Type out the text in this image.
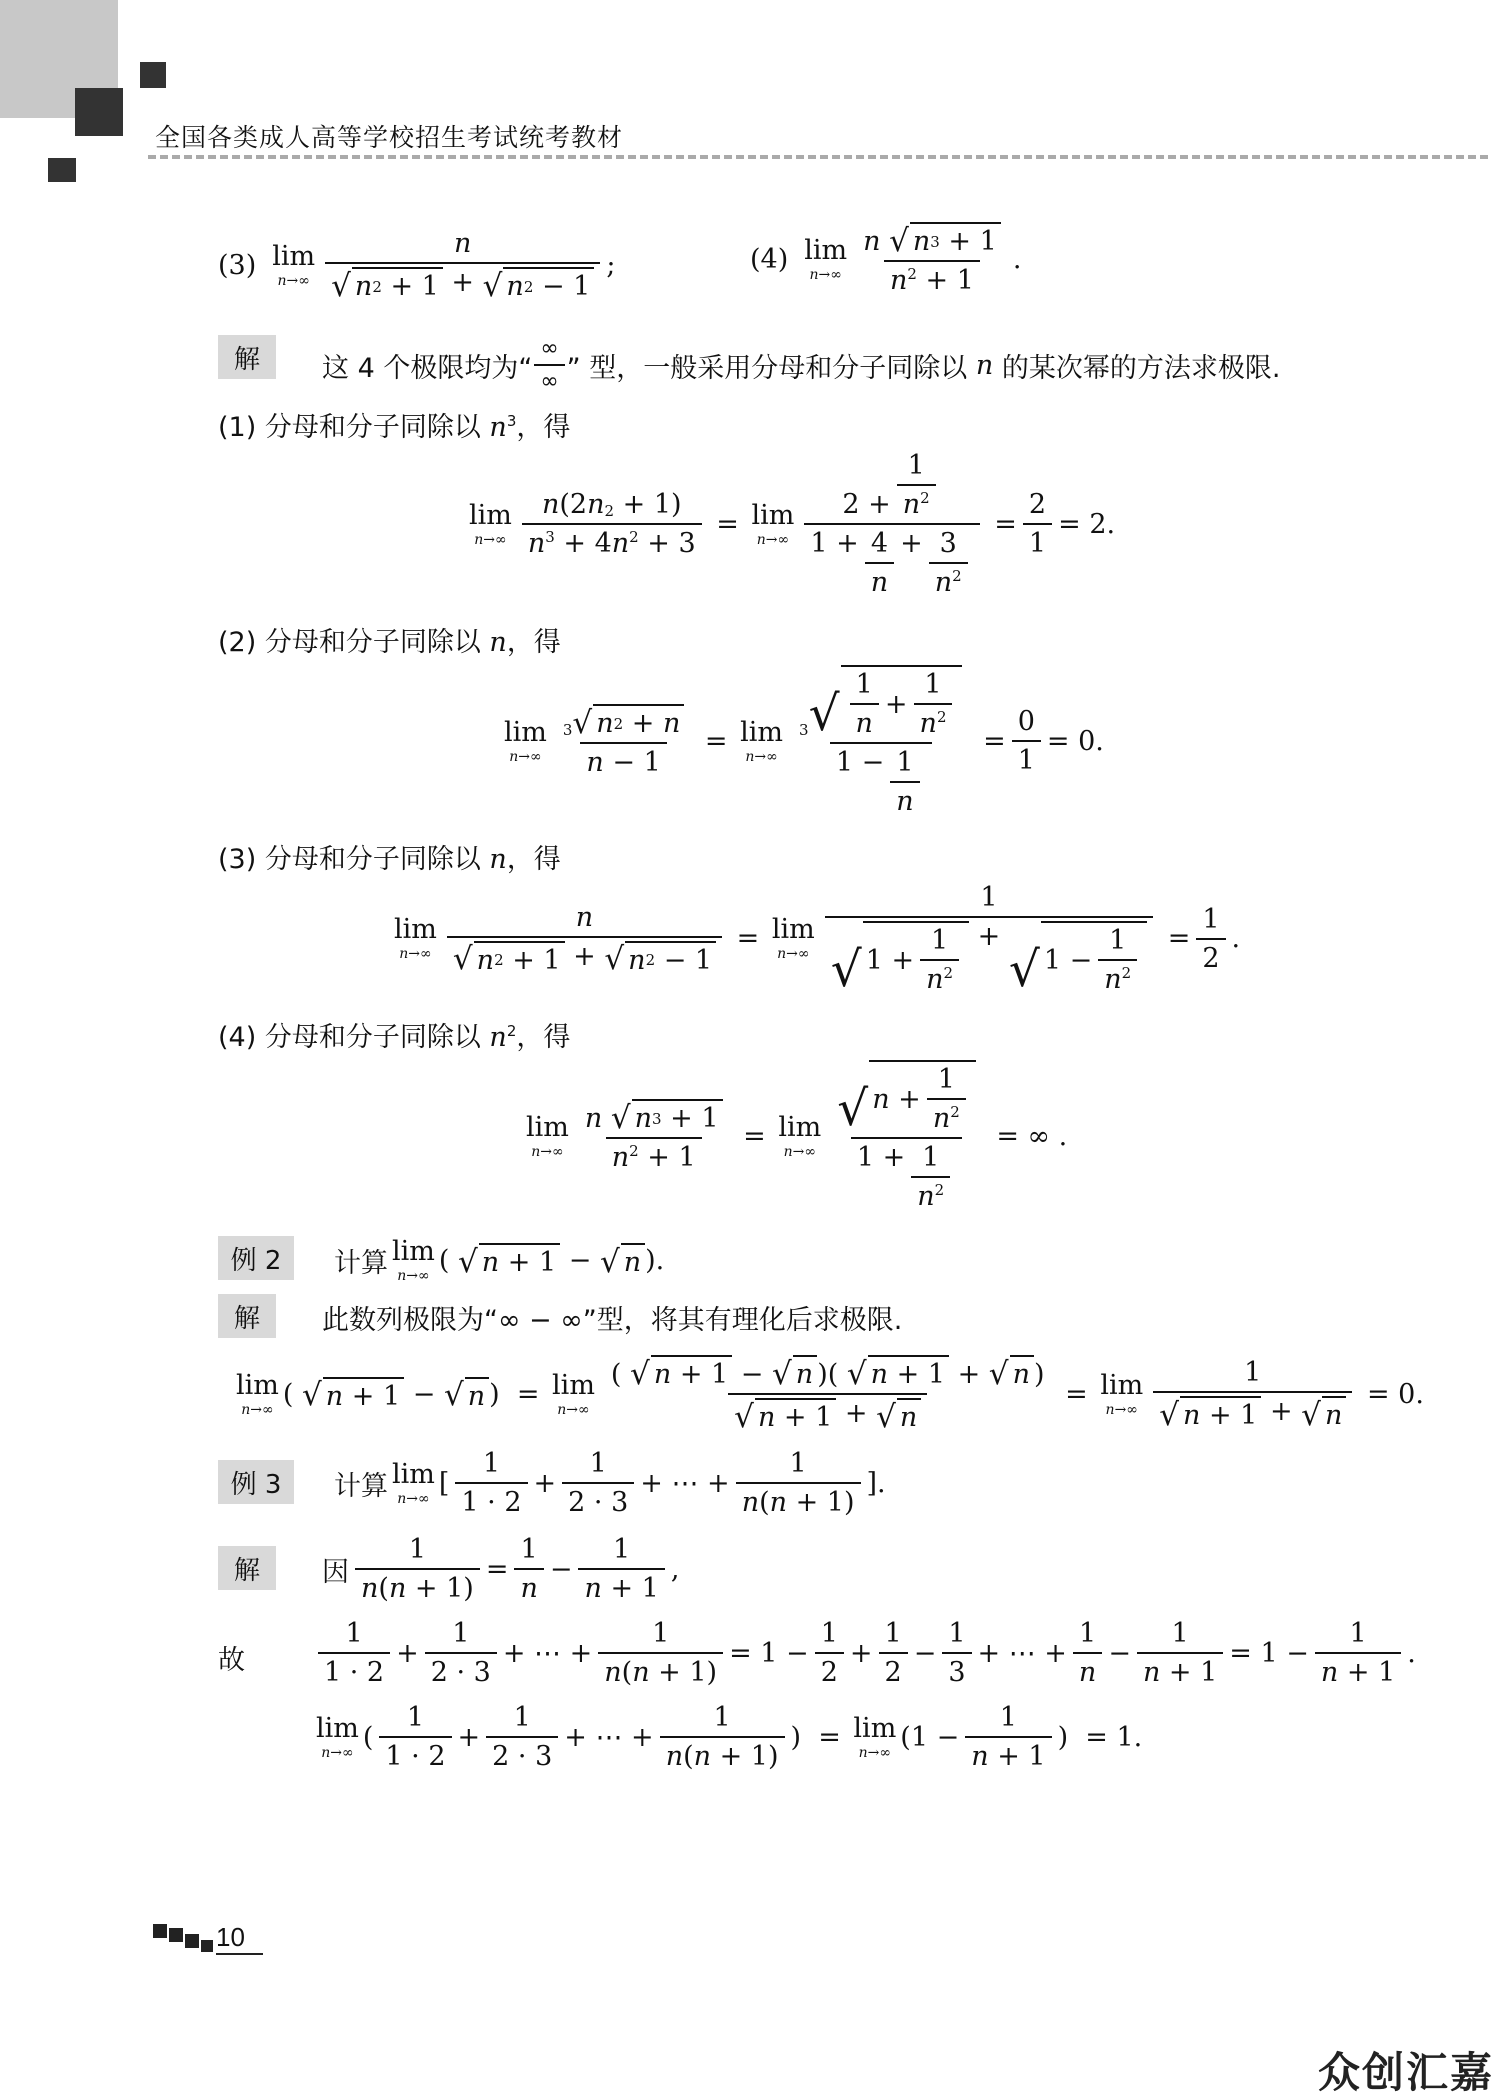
全国各类成人高等学校招生考试统考教材
(3) lim
$n\to\infty \frac{n}{√ n 2 + 1 + √ n 2 - 1}$ ;	(4) lim
n→∞ n
√ n 3 + 1
$n^2 + 1$ .
解	这 4 个极限均为“ $\frac{\infty}{\infty}$ ” 型，一般采用分母和分子同除以
n
的某次幂的方法求极限.
(1) 分母和分子同除以 $n^3$，得
lim
$n\to\infty \frac{n (2 n_2 + 1)}{n^3 + 4 n^2 + 3} = \lim$
$n\to\infty \frac{2 + \frac{1}{n^2}}{1 + \frac{4}{n} + \frac{3}{n^2}} = \frac{2}{1} = 2$.
(2) 分母和分子同除以 n，得
lim
$n\to\infty \frac{3 √ n 2 + n}{n - 1} = \lim$
$n\to\infty \frac{3 √ \frac{1}{n} + \frac{1}{n^2}}{1 - \frac{1}{n}} = \frac{0}{1} = 0$.
(3) 分母和分子同除以 n，得
lim
$n\to\infty \frac{n}{√ n 2 + 1 + √ n 2 - 1} = \lim$
n→∞ 1
√ $1 + \frac{1}{n^2}$ +
√ $1 - \frac{1}{n^2} = \frac{1}{2}$ .
(4) 分母和分子同除以 $n^2$，得
lim
n→∞ n
√ n 3 + 1
$n^2 + 1 = \lim$
$n\to\infty \frac{√ n + \frac{1}{n^2}}{1 + \frac{1}{n^2}}$
= ∞ .
例 2	计算 lim
n→∞ ( √ n + 1 − √ n ).
解	此数列极限为“∞ − ∞”型，将其有理化后求极限.
lim
n→∞ ( √ n + 1 − √ n )  = lim
$n\to\infty \frac{( √ n + 1 - √ n )( √ n + 1 + √ n )}{√ n + 1 + √ n} = \lim$
$n\to\infty \frac{1}{√ n + 1 + √ n}$
= 0.
例 3	计算 lim
n→∞ [ $\frac{1}{1 \cdot 2} + \frac{1}{2 \cdot 3}$ + ⋯ + $\frac{1}{n ( n + 1)}$ ].
解	因 $\frac{1}{n ( n + 1)} = \frac{1}{n} - \frac{1}{n + 1}$ ,
故	$\frac{1}{1 \cdot 2} + \frac{1}{2 \cdot 3}$ + ⋯ + $\frac{1}{n ( n + 1)} = 1 - \frac{1}{2} + \frac{1}{2} - \frac{1}{3}$ + ⋯ + $\frac{1}{n} - \frac{1}{n + 1} = 1 - \frac{1}{n + 1}$ .
lim
n→∞ ( $\frac{1}{1 \cdot 2} + \frac{1}{2 \cdot 3}$ + ⋯ + $\frac{1}{n ( n + 1)}$ )  = lim
n→∞ ($1 - \frac{1}{n + 1}$ ) = 1.
10
众创汇嘉
